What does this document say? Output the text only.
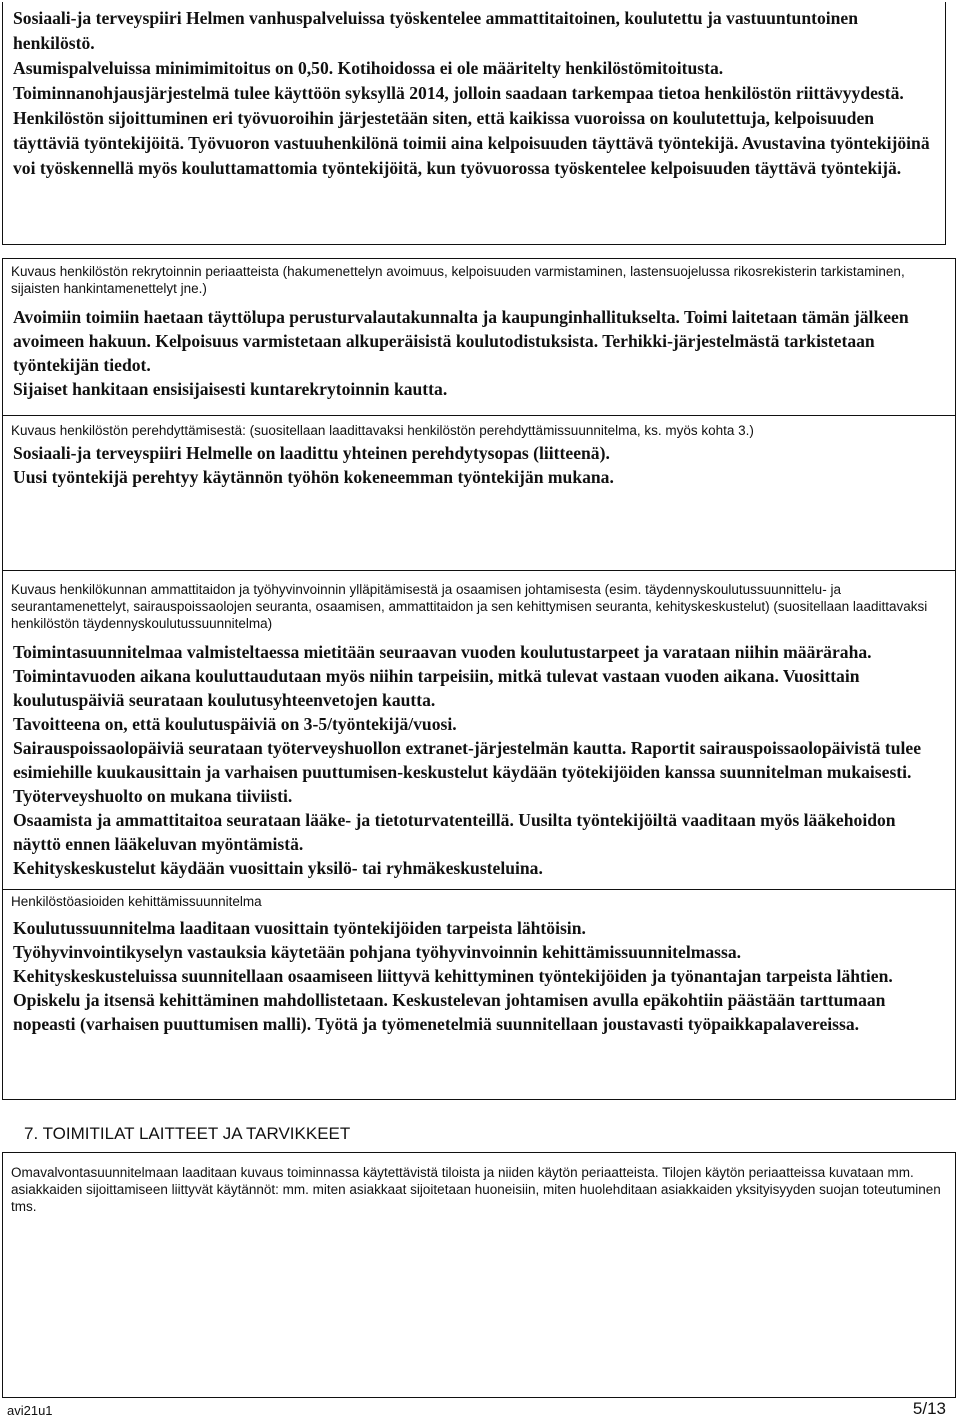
Sosiaali-ja terveyspiiri Helmen vanhuspalveluissa työskentelee ammattitaitoinen, koulutettu ja vastuuntuntoinen henkilöstö.

Asumispalveluissa minimimitoitus on 0,50. Kotihoidossa ei ole määritelty henkilöstömitoitusta.

Toiminnanohjausjärjestelmä tulee käyttöön syksyllä 2014, jolloin saadaan tarkempaa tietoa henkilöstön riittävyydestä.

Henkilöstön sijoittuminen eri työvuoroihin järjestetään siten, että kaikissa vuoroissa on koulutettuja, kelpoisuuden täyttäviä työntekijöitä. Työvuoron vastuuhenkilönä toimii aina kelpoisuuden täyttävä työntekijä. Avustavina työntekijöinä voi työskennellä myös kouluttamattomia työntekijöitä, kun työvuorossa työskentelee kelpoisuuden täyttävä työntekijä.

Kuvaus henkilöstön rekrytoinnin periaatteista (hakumenettelyn avoimuus, kelpoisuuden varmistaminen, lastensuojelussa rikosrekisterin tarkistaminen, sijaisten hankintamenettelyt jne.)

Avoimiin toimiin haetaan täyttölupa perusturvalautakunnalta ja kaupunginhallitukselta. Toimi laitetaan tämän jälkeen avoimeen hakuun. Kelpoisuus varmistetaan alkuperäisistä koulutodistuksista. Terhikki-järjestelmästä tarkistetaan työntekijän tiedot.

Sijaiset hankitaan ensisijaisesti kuntarekrytoinnin kautta.

Kuvaus henkilöstön perehdyttämisestä: (suositellaan laadittavaksi henkilöstön perehdyttämissuunnitelma, ks. myös kohta 3.)

Sosiaali-ja terveyspiiri Helmelle on laadittu yhteinen perehdytysopas (liitteenä).

Uusi työntekijä perehtyy käytännön työhön kokeneemman työntekijän mukana.

Kuvaus henkilökunnan ammattitaidon ja työhyvinvoinnin ylläpitämisestä ja osaamisen johtamisesta (esim. täydennyskoulutussuunnittelu- ja seurantamenettelyt, sairauspoissaolojen seuranta, osaamisen, ammattitaidon ja sen kehittymisen seuranta, kehityskeskustelut) (suositellaan laadittavaksi henkilöstön täydennyskoulutussuunnitelma)

Toimintasuunnitelmaa valmisteltaessa mietitään seuraavan vuoden koulutustarpeet ja varataan niihin määräraha. Toimintavuoden aikana kouluttaudutaan myös niihin tarpeisiin, mitkä tulevat vastaan vuoden aikana. Vuosittain koulutuspäiviä seurataan koulutusyhteenvetojen kautta.

Tavoitteena on, että koulutuspäiviä on 3-5/työntekijä/vuosi.

Sairauspoissaolopäiviä seurataan työterveyshuollon extranet-järjestelmän kautta. Raportit sairauspoissaolopäivistä tulee esimiehille kuukausittain ja varhaisen puuttumisen-keskustelut käydään työtekijöiden kanssa suunnitelman mukaisesti. Työterveyshuolto on mukana tiiviisti.

Osaamista ja ammattitaitoa seurataan lääke- ja tietoturvatenteillä. Uusilta työntekijöiltä vaaditaan myös lääkehoidon näyttö ennen lääkeluvan myöntämistä.

Kehityskeskustelut käydään vuosittain yksilö- tai ryhmäkeskusteluina.

Henkilöstöasioiden kehittämissuunnitelma

Koulutussuunnitelma laaditaan vuosittain työntekijöiden tarpeista lähtöisin.

Työhyvinvointikyselyn vastauksia käytetään pohjana työhyvinvoinnin kehittämissuunnitelmassa.

Kehityskeskusteluissa suunnitellaan osaamiseen liittyvä kehittyminen työntekijöiden ja työnantajan tarpeista lähtien. Opiskelu ja itsensä kehittäminen mahdollistetaan. Keskustelevan johtamisen avulla epäkohtiin päästään tarttumaan nopeasti (varhaisen puuttumisen malli). Työtä ja työmenetelmiä suunnitellaan joustavasti työpaikkapalavereissa.

7. TOIMITILAT LAITTEET JA TARVIKKEET
Omavalvontasuunnitelmaan laaditaan kuvaus toiminnassa käytettävistä tiloista ja niiden käytön periaatteista. Tilojen käytön periaatteissa kuvataan mm. asiakkaiden sijoittamiseen liittyvät käytännöt: mm. miten asiakkaat sijoitetaan huoneisiin, miten huolehditaan asiakkaiden yksityisyyden suojan toteutuminen tms.
avi21u1	5/13
